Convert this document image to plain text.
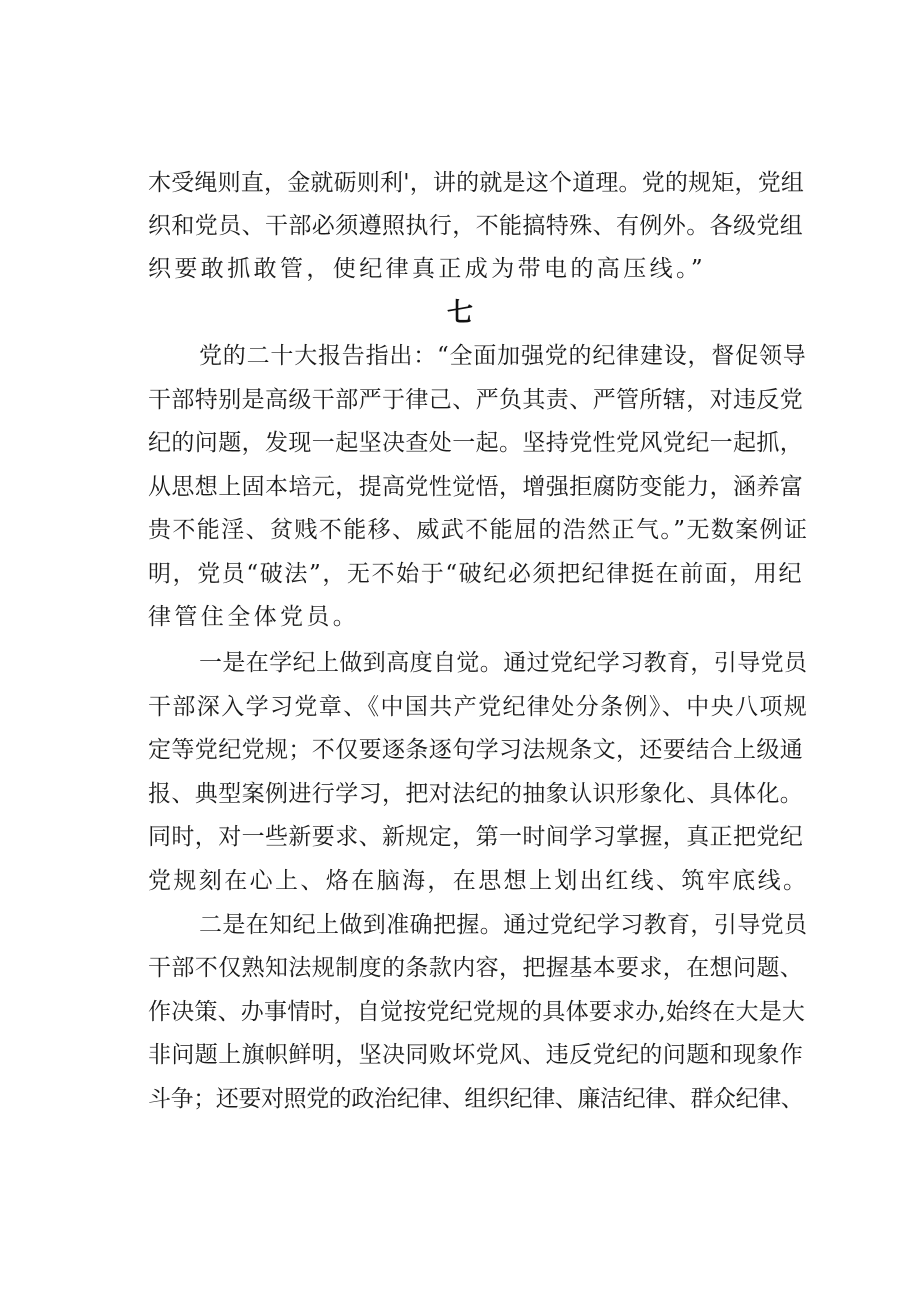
木受绳则直，金就砺则利'，讲的就是这个道理。党的规矩，党组
织和党员、干部必须遵照执行，不能搞特殊、有例外。各级党组
织要敢抓敢管，使纪律真正成为带电的高压线。”
七
党的二十大报告指出：“全面加强党的纪律建设，督促领导
干部特别是高级干部严于律己、严负其责、严管所辖，对违反党
纪的问题，发现一起坚决查处一起。坚持党性党风党纪一起抓，
从思想上固本培元，提高党性觉悟，增强拒腐防变能力，涵养富
贵不能淫、贫贱不能移、威武不能屈的浩然正气。”无数案例证
明，党员“破法”，无不始于“破纪必须把纪律挺在前面，用纪
律管住全体党员。
一是在学纪上做到高度自觉。通过党纪学习教育，引导党员
干部深入学习党章、《中国共产党纪律处分条例》、中央八项规
定等党纪党规；不仅要逐条逐句学习法规条文，还要结合上级通
报、典型案例进行学习，把对法纪的抽象认识形象化、具体化。
同时，对一些新要求、新规定，第一时间学习掌握，真正把党纪
党规刻在心上、烙在脑海，在思想上划出红线、筑牢底线。
二是在知纪上做到准确把握。通过党纪学习教育，引导党员
干部不仅熟知法规制度的条款内容，把握基本要求，在想问题、
作决策、办事情时，自觉按党纪党规的具体要求办,始终在大是大
非问题上旗帜鲜明，坚决同败坏党风、违反党纪的问题和现象作
斗争；还要对照党的政治纪律、组织纪律、廉洁纪律、群众纪律、
